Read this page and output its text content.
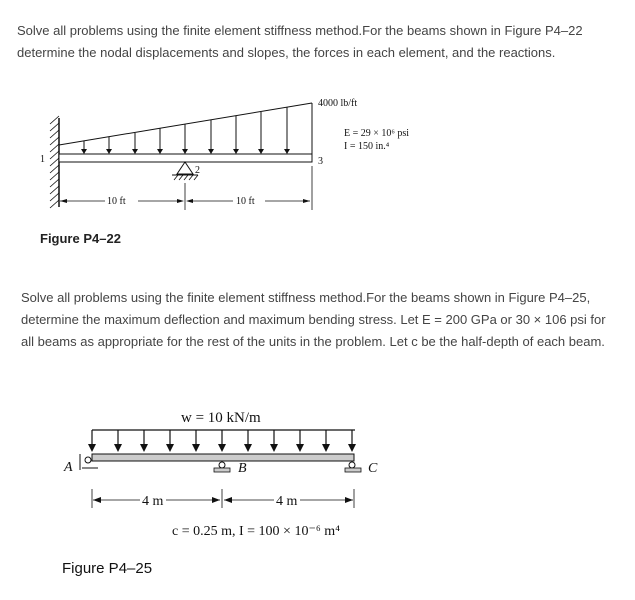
Solve all problems using the finite element stiffness method.For the beams shown in Figure P4–22 determine the nodal displacements and slopes, the forces in each element, and the reactions.
10 ft	10 ft
1
2
3
4000 lb/ft
E = 29 × 10⁶ psi
I = 150 in.⁴
Figure P4–22
Solve all problems using the finite element stiffness method.For the beams shown in Figure P4–25, determine the maximum deflection and maximum bending stress. Let E = 200 GPa or 30 × 106 psi for all beams as appropriate for the rest of the units in the problem. Let c be the half-depth of each beam.
w = 10 kN/m
A	B	C
4 m	4 m
c = 0.25 m, I = 100 × 10⁻⁶ m⁴
Figure P4–25
